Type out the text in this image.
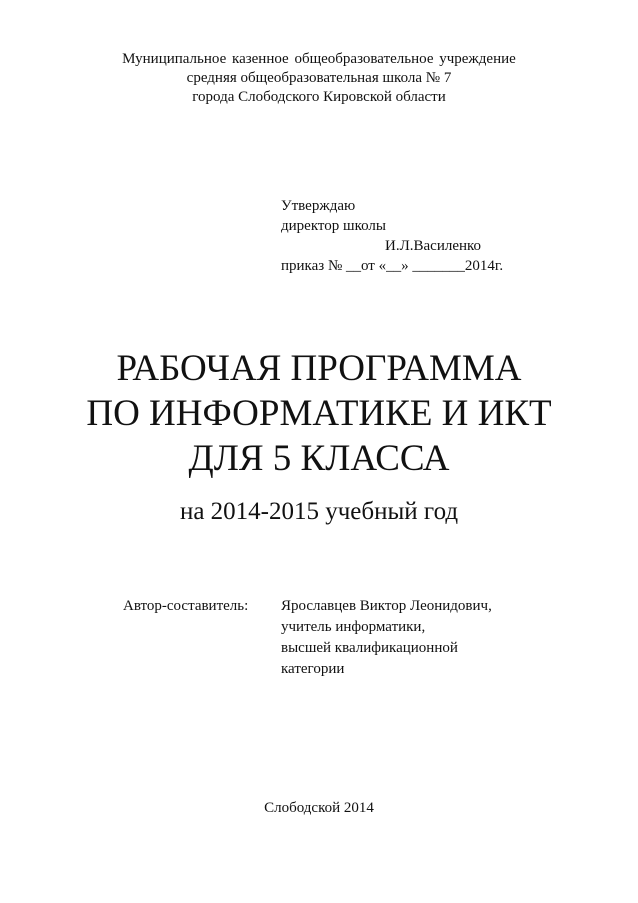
Муниципальное казенное общеобразовательное учреждение
средняя общеобразовательная школа № 7
города Слободского Кировской области
Утверждаю
директор школы
И.Л.Василенко
приказ № __от «__» _______2014г.
РАБОЧАЯ ПРОГРАММА
ПО ИНФОРМАТИКЕ И ИКТ
ДЛЯ 5 КЛАССА
на 2014-2015 учебный год
Автор-составитель: Ярославцев Виктор Леонидович,
учитель информатики,
высшей квалификационной
категории
Слободской 2014
